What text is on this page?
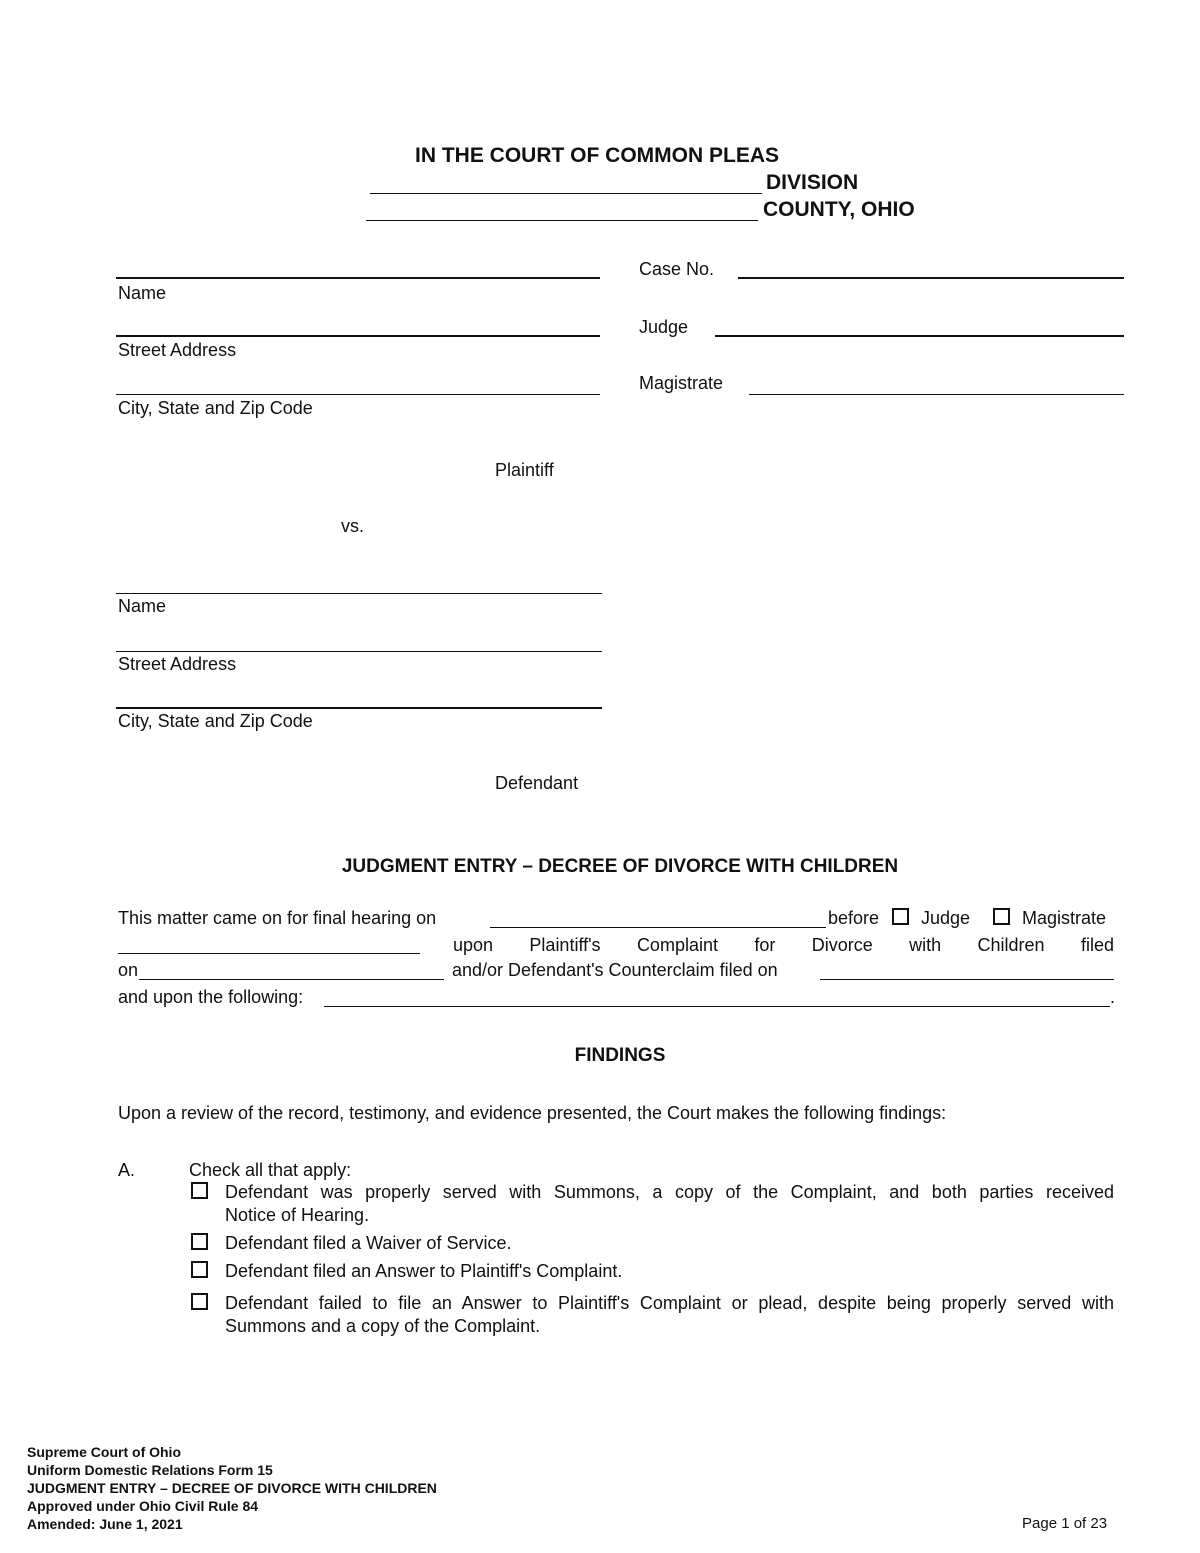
IN THE COURT OF COMMON PLEAS
DIVISION
COUNTY, OHIO
Name
Street Address
City, State and Zip Code
Plaintiff
Case No.
Judge
Magistrate
vs.
Name
Street Address
City, State and Zip Code
Defendant
JUDGMENT ENTRY – DECREE OF DIVORCE WITH CHILDREN
This matter came on for final hearing on	before Judge	Magistrate
upon Plaintiff's Complaint for Divorce with Children filed
on	and/or Defendant's Counterclaim filed on
and upon the following:	.
FINDINGS
Upon a review of the record, testimony, and evidence presented, the Court makes the following findings:
A.	Check all that apply:
Defendant was properly served with Summons, a copy of the Complaint, and both parties received
Notice of Hearing.
Defendant filed a Waiver of Service.
Defendant filed an Answer to Plaintiff's Complaint.
Defendant failed to file an Answer to Plaintiff's Complaint or plead, despite being properly served with
Summons and a copy of the Complaint.
Supreme Court of Ohio
Uniform Domestic Relations Form 15
JUDGMENT ENTRY – DECREE OF DIVORCE WITH CHILDREN
Approved under Ohio Civil Rule 84
Amended: June 1, 2021	Page 1 of 23
